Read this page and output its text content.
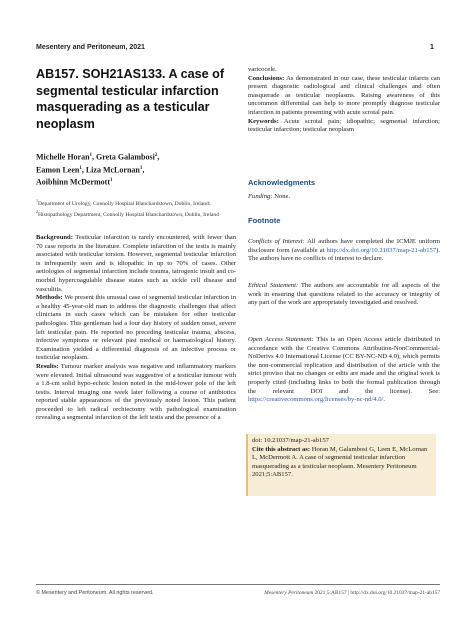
Mesentery and Peritoneum, 2021	1
AB157. SOH21AS133. A case of segmental testicular infarction masquerading as a testicular neoplasm
Michelle Horan$^1$, Greta Galambosi$^2$,
Eamon Leen$^1$, Liza McLornan$^1$,
Aoibhinn McDermott$^1$
$^1$Department of Urology, Connolly Hospital Blanchardstown, Dublin, Ireland; $^2$Histopathology Department, Connolly Hospital Blanchardstown, Dublin, Ireland

Background: Testicular infarction is rarely encountered, with fewer than 70 case reports in the literature. Complete infarction of the testis is mainly associated with testicular torsion. However, segmental testicular infarction is infrequently seen and is idiopathic in up to 70% of cases. Other aetiologies of segmental infarction include trauma, iatrogenic insult and co-morbid hypercoagulable disease states such as sickle cell disease and vasculitis.

Methods: We present this unusual case of segmental testicular infarction in a healthy 45-year-old man to address the diagnostic challenges that affect clinicians in such cases which can be mistaken for other testicular pathologies. This gentleman had a four day history of sudden onset, severe left testicular pain. He reported no preceding testicular trauma, abscess, infective symptoms or relevant past medical or haematological history. Examination yielded a differential diagnosis of an infective process or testicular neoplasm.

Results: Tumour marker analysis was negative and inflammatory markers were elevated. Initial ultrasound was suggestive of a testicular tumour with a 1.8-cm solid hypo-echoic lesion noted in the mid-lower pole of the left testis. Interval imaging one week later following a course of antibiotics reported stable appearances of the previously noted lesion. This patient proceeded to left radical orchiectomy with pathological examination revealing a segmental infarction of the left testis and the presence of a

varicocele.

Conclusions: As demonstrated in our case, these testicular infarcts can present diagnostic radiological and clinical challenges and often masquerade as testicular neoplasms. Raising awareness of this uncommon differential can help to more promptly diagnose testicular infarction in patients presenting with acute scrotal pain.

Keywords: Acute scrotal pain; idiopathic; segmental infarction; testicular infarction; testicular neoplasm

Acknowledgments
Funding: None.
Footnote
Conflicts of Interest: All authors have completed the ICMJE uniform disclosure form (available at http://dx.doi.org/10.21037/map-21-ab157). The authors have no conflicts of interest to declare.
Ethical Statement: The authors are accountable for all aspects of the work in ensuring that questions related to the accuracy or integrity of any part of the work are appropriately investigated and resolved.
Open Access Statement: This is an Open Access article distributed in accordance with the Creative Commons Attribution-NonCommercial-NoDerivs 4.0 International License (CC BY-NC-ND 4.0), which permits the non-commercial replication and distribution of the article with the strict proviso that no changes or edits are made and the original work is properly cited (including links to both the formal publication through the relevant DOI and the license). See: https://creativecommons.org/licenses/by-nc-nd/4.0/.
doi: 10.21037/map-21-ab157
Cite this abstract as: Horan M, Galambosi G, Leen E, McLornan L, McDermott A. A case of segmental testicular infarction masquerading as a testicular neoplasm. Mesentery Peritoneum 2021;5:AB157.
© Mesentery and Peritoneum. All rights reserved.	Mesentery Peritoneum 2021;5:AB157 | http://dx.doi.org/10.21037/map-21-ab157
